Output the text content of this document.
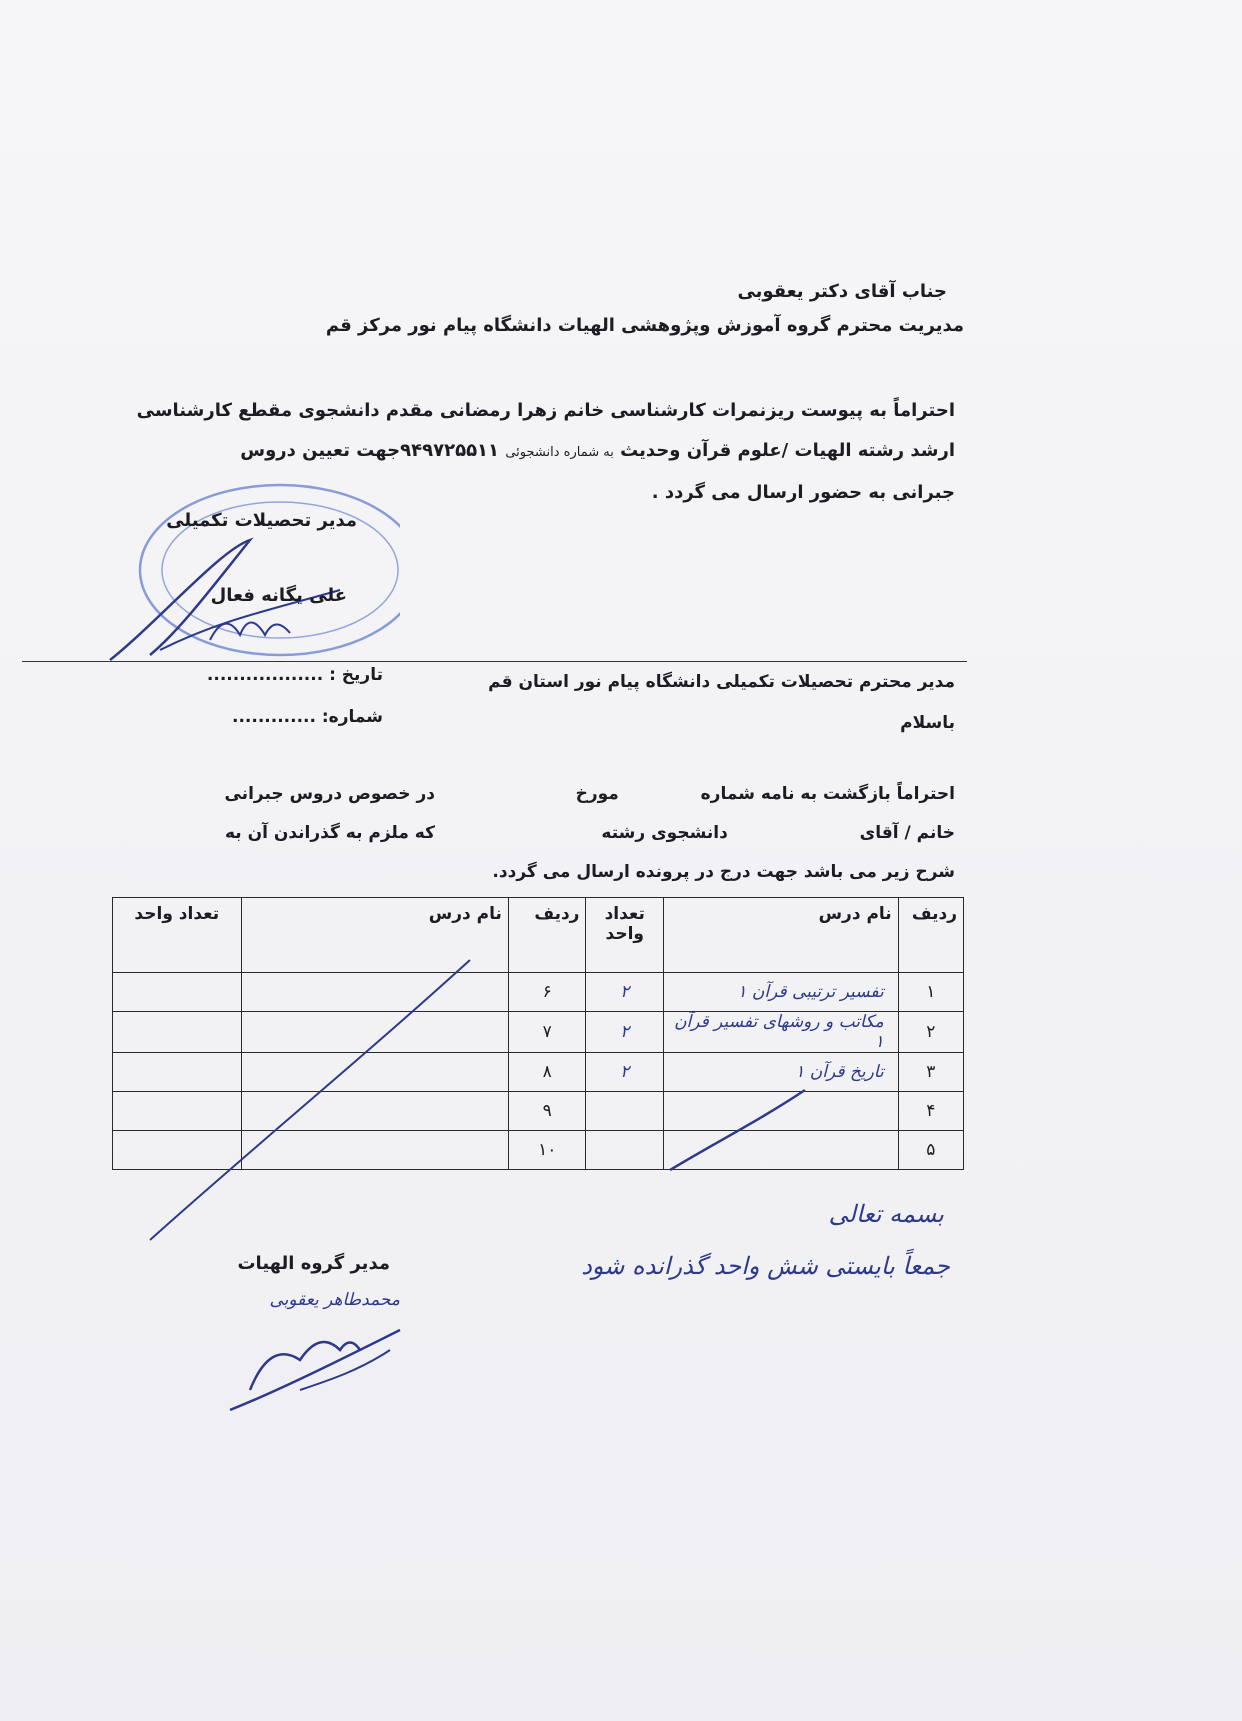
جناب آقای دکتر یعقوبی
مدیریت محترم گروه آموزش وپژوهشی الهیات دانشگاه پیام نور مرکز قم
احتراماً به پیوست ریزنمرات کارشناسی خانم زهرا رمضانی مقدم دانشجوی مقطع کارشناسی
ارشد رشته الهیات /علوم قرآن وحدیث به شماره دانشجوئی ۹۴۹۷۲۵۵۱۱جهت تعیین دروس
جبرانی به حضور ارسال می گردد .
مدیر تحصیلات تکمیلی
علی یگانه فعال
مدیر محترم تحصیلات تکمیلی دانشگاه پیام نور استان قم
باسلام
تاریخ : ..................
شماره: .............
احتراماً بازگشت به نامه شماره  مورخ
در خصوص دروس جبرانی
خانم / آقای  دانشجوی رشته
که ملزم به گذراندن آن به
شرح زیر می باشد جهت درج در پرونده ارسال می گردد.
ردیف	نام درس	تعداد واحد	ردیف	نام درس	تعداد واحد
۱	تفسیر ترتیبی قرآن ۱	۲	۶		
۲	مکاتب و روشهای تفسیر قرآن ۱	۲	۷		
۳	تاریخ قرآن ۱	۲	۸		
۴			۹		
۵			۱۰		
بسمه تعالی
جمعاً بایستی شش واحد گذرانده شود
مدیر گروه الهیات
محمدطاهر یعقوبی
